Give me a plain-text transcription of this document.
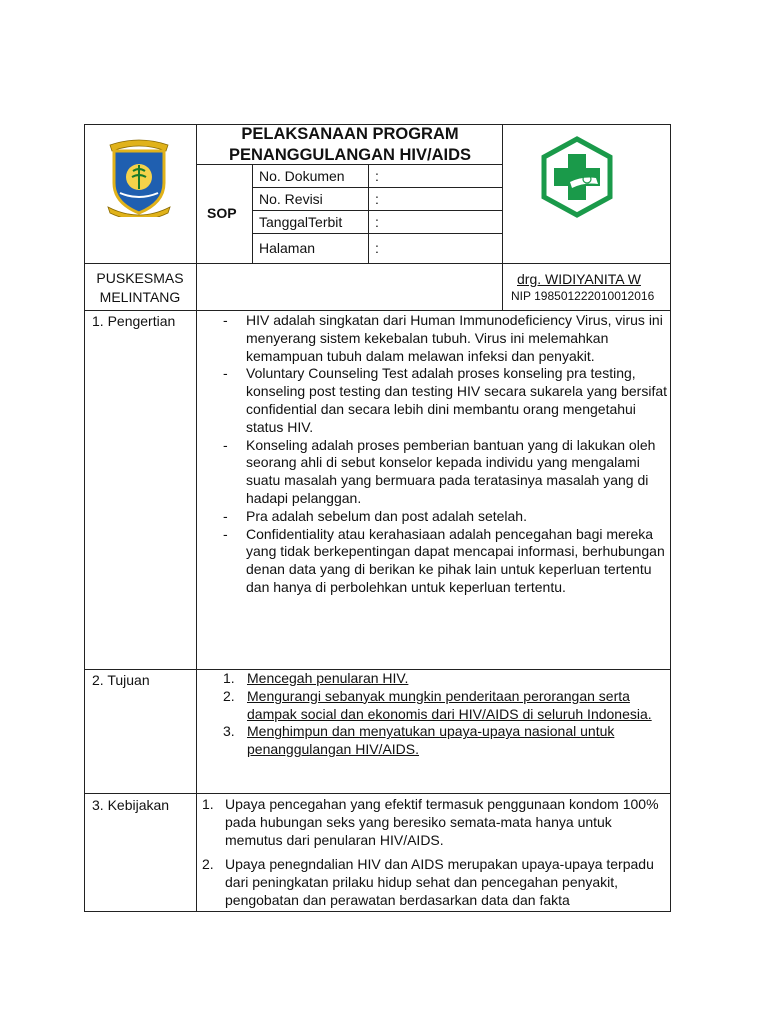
PELAKSANAAN PROGRAM
PENANGGULANGAN HIV/AIDS
SOP
No. Dokumen :
No. Revisi	:
TanggalTerbit :
Halaman	:
PUSKESMAS
MELINTANG
drg. WIDIYANITA W
NIP 198501222010012016
1. Pengertian	- HIV adalah singkatan dari Human Immunodeficiency Virus, virus ini menyerang sistem kekebalan tubuh. Virus ini melemahkan kemampuan tubuh dalam melawan infeksi dan penyakit.
- Voluntary Counseling Test adalah proses konseling pra testing, konseling post testing dan testing HIV secara sukarela yang bersifat confidential dan secara lebih dini membantu orang mengetahui status HIV.
- Konseling adalah proses pemberian bantuan yang di lakukan oleh seorang ahli di sebut konselor kepada individu yang mengalami suatu masalah yang bermuara pada teratasinya masalah yang di hadapi pelanggan.
- Pra adalah sebelum dan post adalah setelah.
- Confidentiality atau kerahasiaan adalah pencegahan bagi mereka yang tidak berkepentingan dapat mencapai informasi, berhubungan denan data yang di berikan ke pihak lain untuk keperluan tertentu dan hanya di perbolehkan untuk keperluan tertentu.
2. Tujuan	1. Mencegah penularan HIV.
2. Mengurangi sebanyak mungkin penderitaan perorangan serta dampak social dan ekonomis dari HIV/AIDS di seluruh Indonesia.
3. Menghimpun dan menyatukan upaya-upaya nasional untuk penanggulangan HIV/AIDS.
3. Kebijakan 1. Upaya pencegahan yang efektif termasuk penggunaan kondom 100% pada hubungan seks yang beresiko semata-mata hanya untuk memutus dari penularan HIV/AIDS.
2. Upaya penegndalian HIV dan AIDS merupakan upaya-upaya terpadu dari peningkatan prilaku hidup sehat dan pencegahan penyakit, pengobatan dan perawatan berdasarkan data dan fakta
